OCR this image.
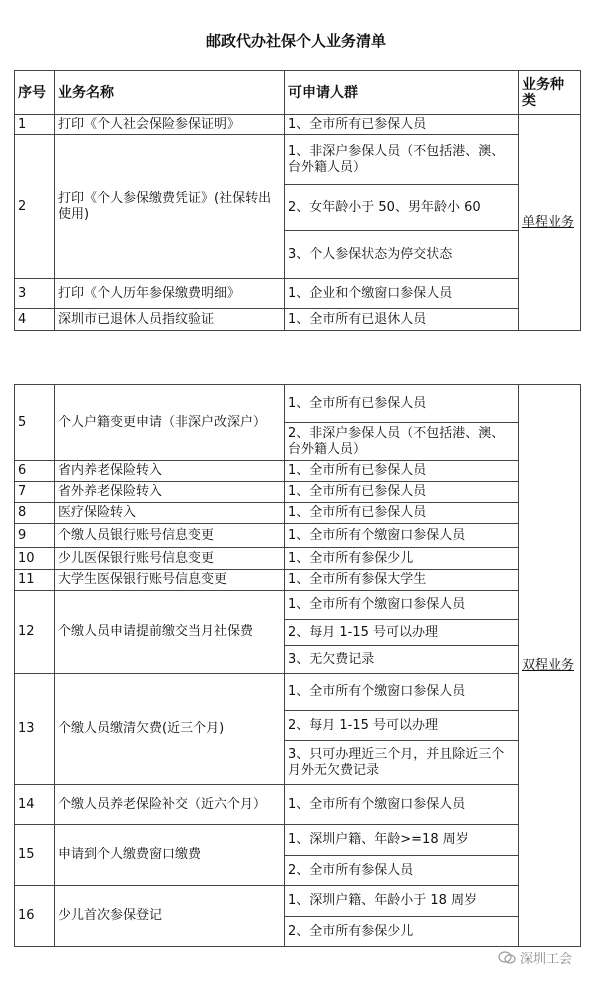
邮政代办社保个人业务清单
序号	业务名称	可申请人群	业务种类
1	打印《个人社会保险参保证明》	1、全市所有已参保人员	单程业务
2	打印《个人参保缴费凭证》(社保转出使用)	1、非深户参保人员（不包括港、澳、台外籍人员）	
		2、女年龄小于 50、男年龄小 60	
		3、个人参保状态为停交状态	
3	打印《个人历年参保缴费明细》	1、企业和个缴窗口参保人员	
4	深圳市已退休人员指纹验证	1、全市所有已退休人员	
5	个人户籍变更申请（非深户改深户）	1、全市所有已参保人员	双程业务
		2、非深户参保人员（不包括港、澳、台外籍人员）	
6	省内养老保险转入	1、全市所有已参保人员	
7	省外养老保险转入	1、全市所有已参保人员	
8	医疗保险转入	1、全市所有已参保人员	
9	个缴人员银行账号信息变更	1、全市所有个缴窗口参保人员	
10	少儿医保银行账号信息变更	1、全市所有参保少儿	
11	大学生医保银行账号信息变更	1、全市所有参保大学生	
12	个缴人员申请提前缴交当月社保费	1、全市所有个缴窗口参保人员	
		2、每月 1-15 号可以办理	
		3、无欠费记录	
13	个缴人员缴清欠费(近三个月)	1、全市所有个缴窗口参保人员	
		2、每月 1-15 号可以办理	
		3、只可办理近三个月，并且除近三个月外无欠费记录	
14	个缴人员养老保险补交（近六个月）	1、全市所有个缴窗口参保人员	
15	申请到个人缴费窗口缴费	1、深圳户籍、年龄>=18 周岁	
		2、全市所有参保人员	
16	少儿首次参保登记	1、深圳户籍、年龄小于 18 周岁	
		2、全市所有参保少儿	
深圳工会
